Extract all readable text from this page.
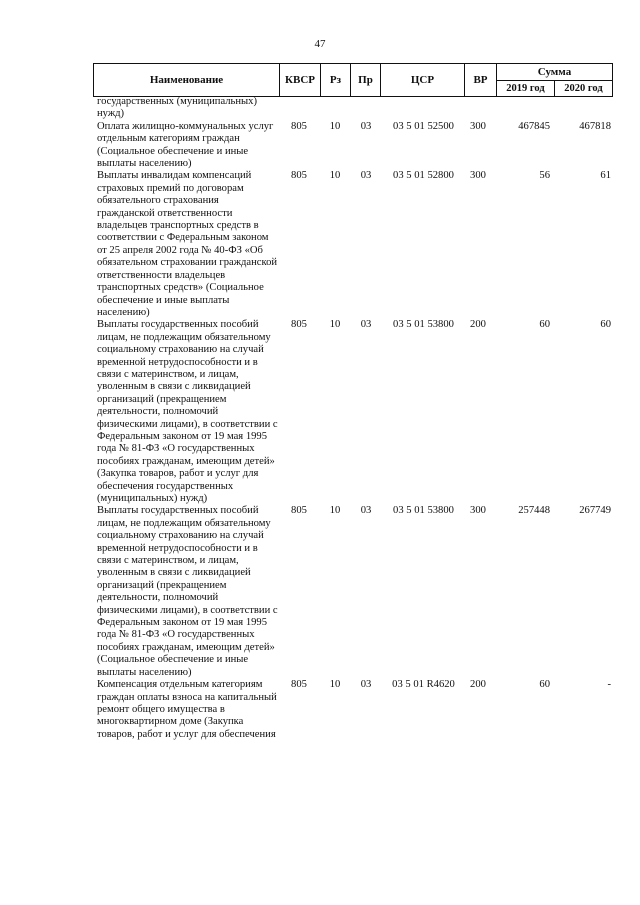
47
Наименование	КВСР	Рз	Пр	ЦСР	ВР
Сумма
2019 год	2020 год
государственных (муниципальных) нужд)
Оплата жилищно-коммунальных услуг отдельным категориям граждан (Социальное обеспечение и иные выплаты населению)
805	10	03	03 5 01 52500	300	467845	467818
Выплаты инвалидам компенсаций страховых премий по договорам обязательного страхования гражданской ответственности владельцев транспортных средств в соответствии с Федеральным законом от 25 апреля 2002 года № 40-ФЗ «Об обязательном страховании гражданской ответственности владельцев транспортных средств» (Социальное обеспечение и иные выплаты населению)
805	10	03	03 5 01 52800	300	56	61
Выплаты государственных пособий лицам, не подлежащим обязательному социальному страхованию на случай временной нетрудоспособности и в связи с материнством, и лицам, уволенным в связи с ликвидацией организаций (прекращением деятельности, полномочий физическими лицами), в соответствии с Федеральным законом от 19 мая 1995 года № 81-ФЗ «О государственных пособиях гражданам, имеющим детей» (Закупка товаров, работ и услуг для обеспечения государственных (муниципальных) нужд)
805	10	03	03 5 01 53800	200	60	60
Выплаты государственных пособий лицам, не подлежащим обязательному социальному страхованию на случай временной нетрудоспособности и в связи с материнством, и лицам, уволенным в связи с ликвидацией организаций (прекращением деятельности, полномочий физическими лицами), в соответствии с Федеральным законом от 19 мая 1995 года № 81-ФЗ «О государственных пособиях гражданам, имеющим детей» (Социальное обеспечение и иные выплаты населению)
805	10	03	03 5 01 53800	300	257448	267749
Компенсация отдельным категориям граждан оплаты взноса на капитальный ремонт общего имущества в многоквартирном доме (Закупка товаров, работ и услуг для обеспечения
805	10	03	03 5 01 R4620	200	60	-
